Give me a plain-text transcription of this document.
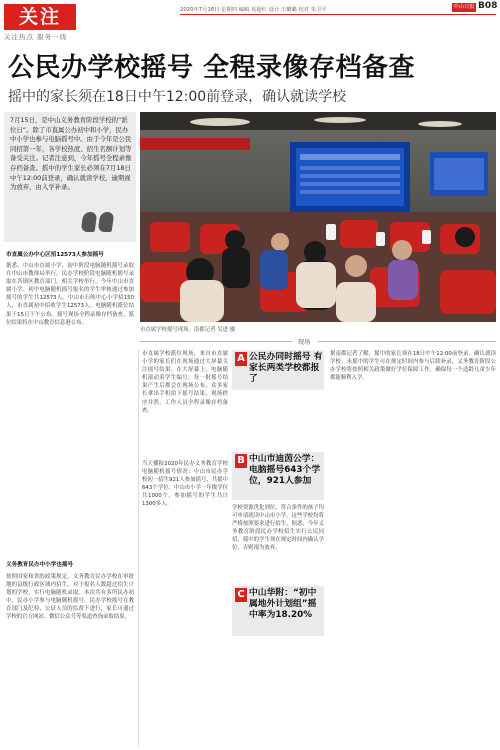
关注
关注热点 服务一线
2020年7月16日 星期四 编辑 易超红 设计 王璐璐 校对 朱卫平	中山日报 B08
公民办学校摇号 全程录像存档备查
摇中的家长须在18日中午12:00前登录，确认就读学校
7月15日，是中山义务教育阶段学校的“派位日”。除了市直属公办初中和小学，民办中小学也参与电脑摇号中。由于今年是公民同招第一年，各学校热度、招生名额计划等备受关注。记者注意到，今年摇号全程录像存档备查。摇中的学生家长必须在7月18日中午12:00前登录，确认就读学校，逾期视为放弃，由入学补录。
市直属学校摇号现场。南都记者 吴进 摄
市直属公办中心区招12573人参加摇号
据悉，中山市直属小学、初中阶段电脑随机摇号录取在中山市教体局举行。民办学校阶段电脑随机摇号录取在各镇区教育部门，相关学校举行。今年中山市直属小学、初中电脑随机摇号报名的学生审核通过参加摇号的学生共12573人。中山市石岐中心小学招150人，市直属初中招收学生12573人。电脑随机派位结果于15日下午公布。摇号现场全程录像存档备查，派位结果将在中山教育信息港公布。
义务教育民办中小学也摇号
按照国家和省的政策规定，义务教育民办学校在审批地的县级行政区域内招生。对于报名人数超过招生计划的学校，实行电脑随机录取。本次共有多所民办初中、民办小学参与电脑随机摇号。民办学校摇号在教育部门及纪检、公证人员的监督下进行，家长可通过学校的官方网站、微信公众号等渠道查询录取结果。
现场
市直属学校派位现场，来自市直属小学的家长们在现场通过大屏幕关注摇号结果。在大屏幕上，电脑随机滚动着学生编号，每一批摇号结果产生后都会在现场公布，众多家长拿出手机拍下摇号结果。现场秩序井然，工作人员全程录像存档备查。
当天播报2020年民办义务教育学校电脑随机摇号情况：中山市民办学校初一招生921人参加摇号，共摇中643个学位。中山市小学一年级学位共1000个，参加摇号的学生共计1300多人。
A 公民办同时摇号 有家长两类学校都报了
B 中山市迪茵公学：电脑摇号643个学位，921人参加
C 中山华附：“初中属地外计划组”摇中率为18.20%
学校资源优化到位，符合条件的孩子均可申请就读中山市小学，这些学校均将严格按照要求进行招生。据悉，今年义务教育阶段民办学校招生实行公民同招，摇中的学生须在规定时间内确认学位，否则视为放弃。
据南都记者了解，摇中的家长须在18日中午12:00前登录，确认就读学校。未摇中的学生可在规定时间内参与后续补录，义务教育阶段公办学校将按照相关政策做好学位保障工作，确保每一个适龄儿童少年都能顺利入学。
